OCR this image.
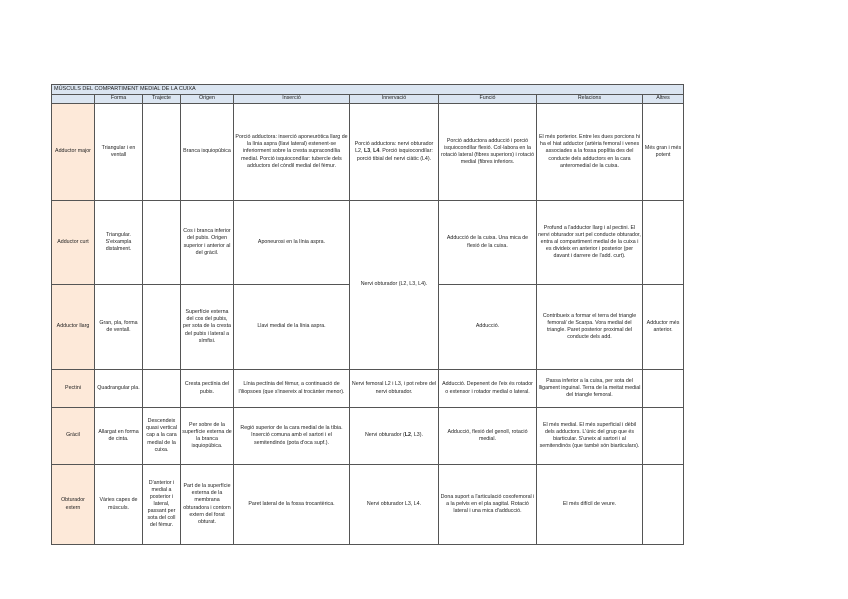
MÚSCULS DEL COMPARTIMENT MEDIAL DE LA CUIXA								
	Forma	Trajecte	Origen	Inserció	Innervació	Funció	Relacions	Altres
Adductor major	Triangular i en ventall		Branca isquiopúbica	Porció adductora: inserció aponeuròtica llarg de la línia aspra (llavi lateral) estenent-se inferiorment sobre la cresta supracondília medial. Porció isquiocondílar: tubercle dels adductors del còndil medial del fèmur.	Porció adductora: nervi obturador L2, L3, L4. Porció isquiocondílar: porció tibial del nervi ciàtic (L4).	Porció adductora adducció i porció isquiocondílar flexió. Col·labora en la rotació lateral (fibres superiors) i rotació medial (fibres inferiors.	El més porterior. Entre les dues porcions hi ha el hiat adductor (artèria femoral i venes associades a la fossa poplítia des del conducte dels adductors en la cara anteromedial de la cuixa.	Més gran i més potent
Adductor curt	Triangular. S'eixampla distalment.		Cos i branca inferior del pubis. Origen superior i anterior al del gràcil.	Aponeurosi en la línia aspra.	Nervi obturador (L2, L3, L4).	Adducció de la cuixa. Una mica de flexió de la cuixa.	Profund a l'adductor llarg i al pectini. El nervi obturador surt pel conducte obturador, entra al compartiment medial de la cuixa i es divideix en anterior i posterior (per davant i darrere de l'add. curt).	
Adductor llarg	Gran, pla, forma de ventall.		Superfície externa del cos del pubis, per sota de la cresta del pubis i lateral a símfisi.	Llavi medial de la línia aspra.		Adducció.	Contribueix a formar el terra del triangle femoral/ de Scarpa. Vora medial del triangle. Paret posterior proximal del conducte dels add.	Adductor més anterior.
Pectini	Quadrangular pla.		Cresta pectínia del pubis.	Línia pectínia del fèmur, a continuació de l'iliopsoes (que s'insereix al trocànter menor).	Nervi femoral L2 i L3, i pot rebre del nervi obturador.	Adducció. Depenent de l'eix és rotador o extensor i rotador medial o lateral.	Passa inferior a la cuixa, per sota del lligament inguinal. Terra de la meitat medial del triangle femoral.	
Gràcil	Allargat en forma de cinta.	Descendeix quasi vertical cap a la cara medial de la cuixa.	Per sobre de la superfície externa de la branca isquiopúbica.	Regió superior de la cara medial de la tíbia. Inserció comuna amb el sartori i el semitendinós (pota d'oca supf.).	Nervi obturador (L2, L3).	Adducció, flexió del genoll, rotació medial.	El més medial. El més superficial i dèbil dels adductors. L'únic del grup que és biarticular. S'uneix al sartori i al semitendinós (que també són biarticulars).	
Obturador extern	Vàries capes de músculs.	D'anterior i medial a posterior i lateral, passant per sota del coll del fèmur.	Part de la superfície externa de la membrana obturadora i contorn extern del forat obturat.	Paret lateral de la fossa trocantèrica.	Nervi obturador L3, L4.	Dona suport a l'articulació coxofemoral i a la pelvis en el pla sagital. Rotació lateral i una mica d'adducció.	El més difícil de veure.	
